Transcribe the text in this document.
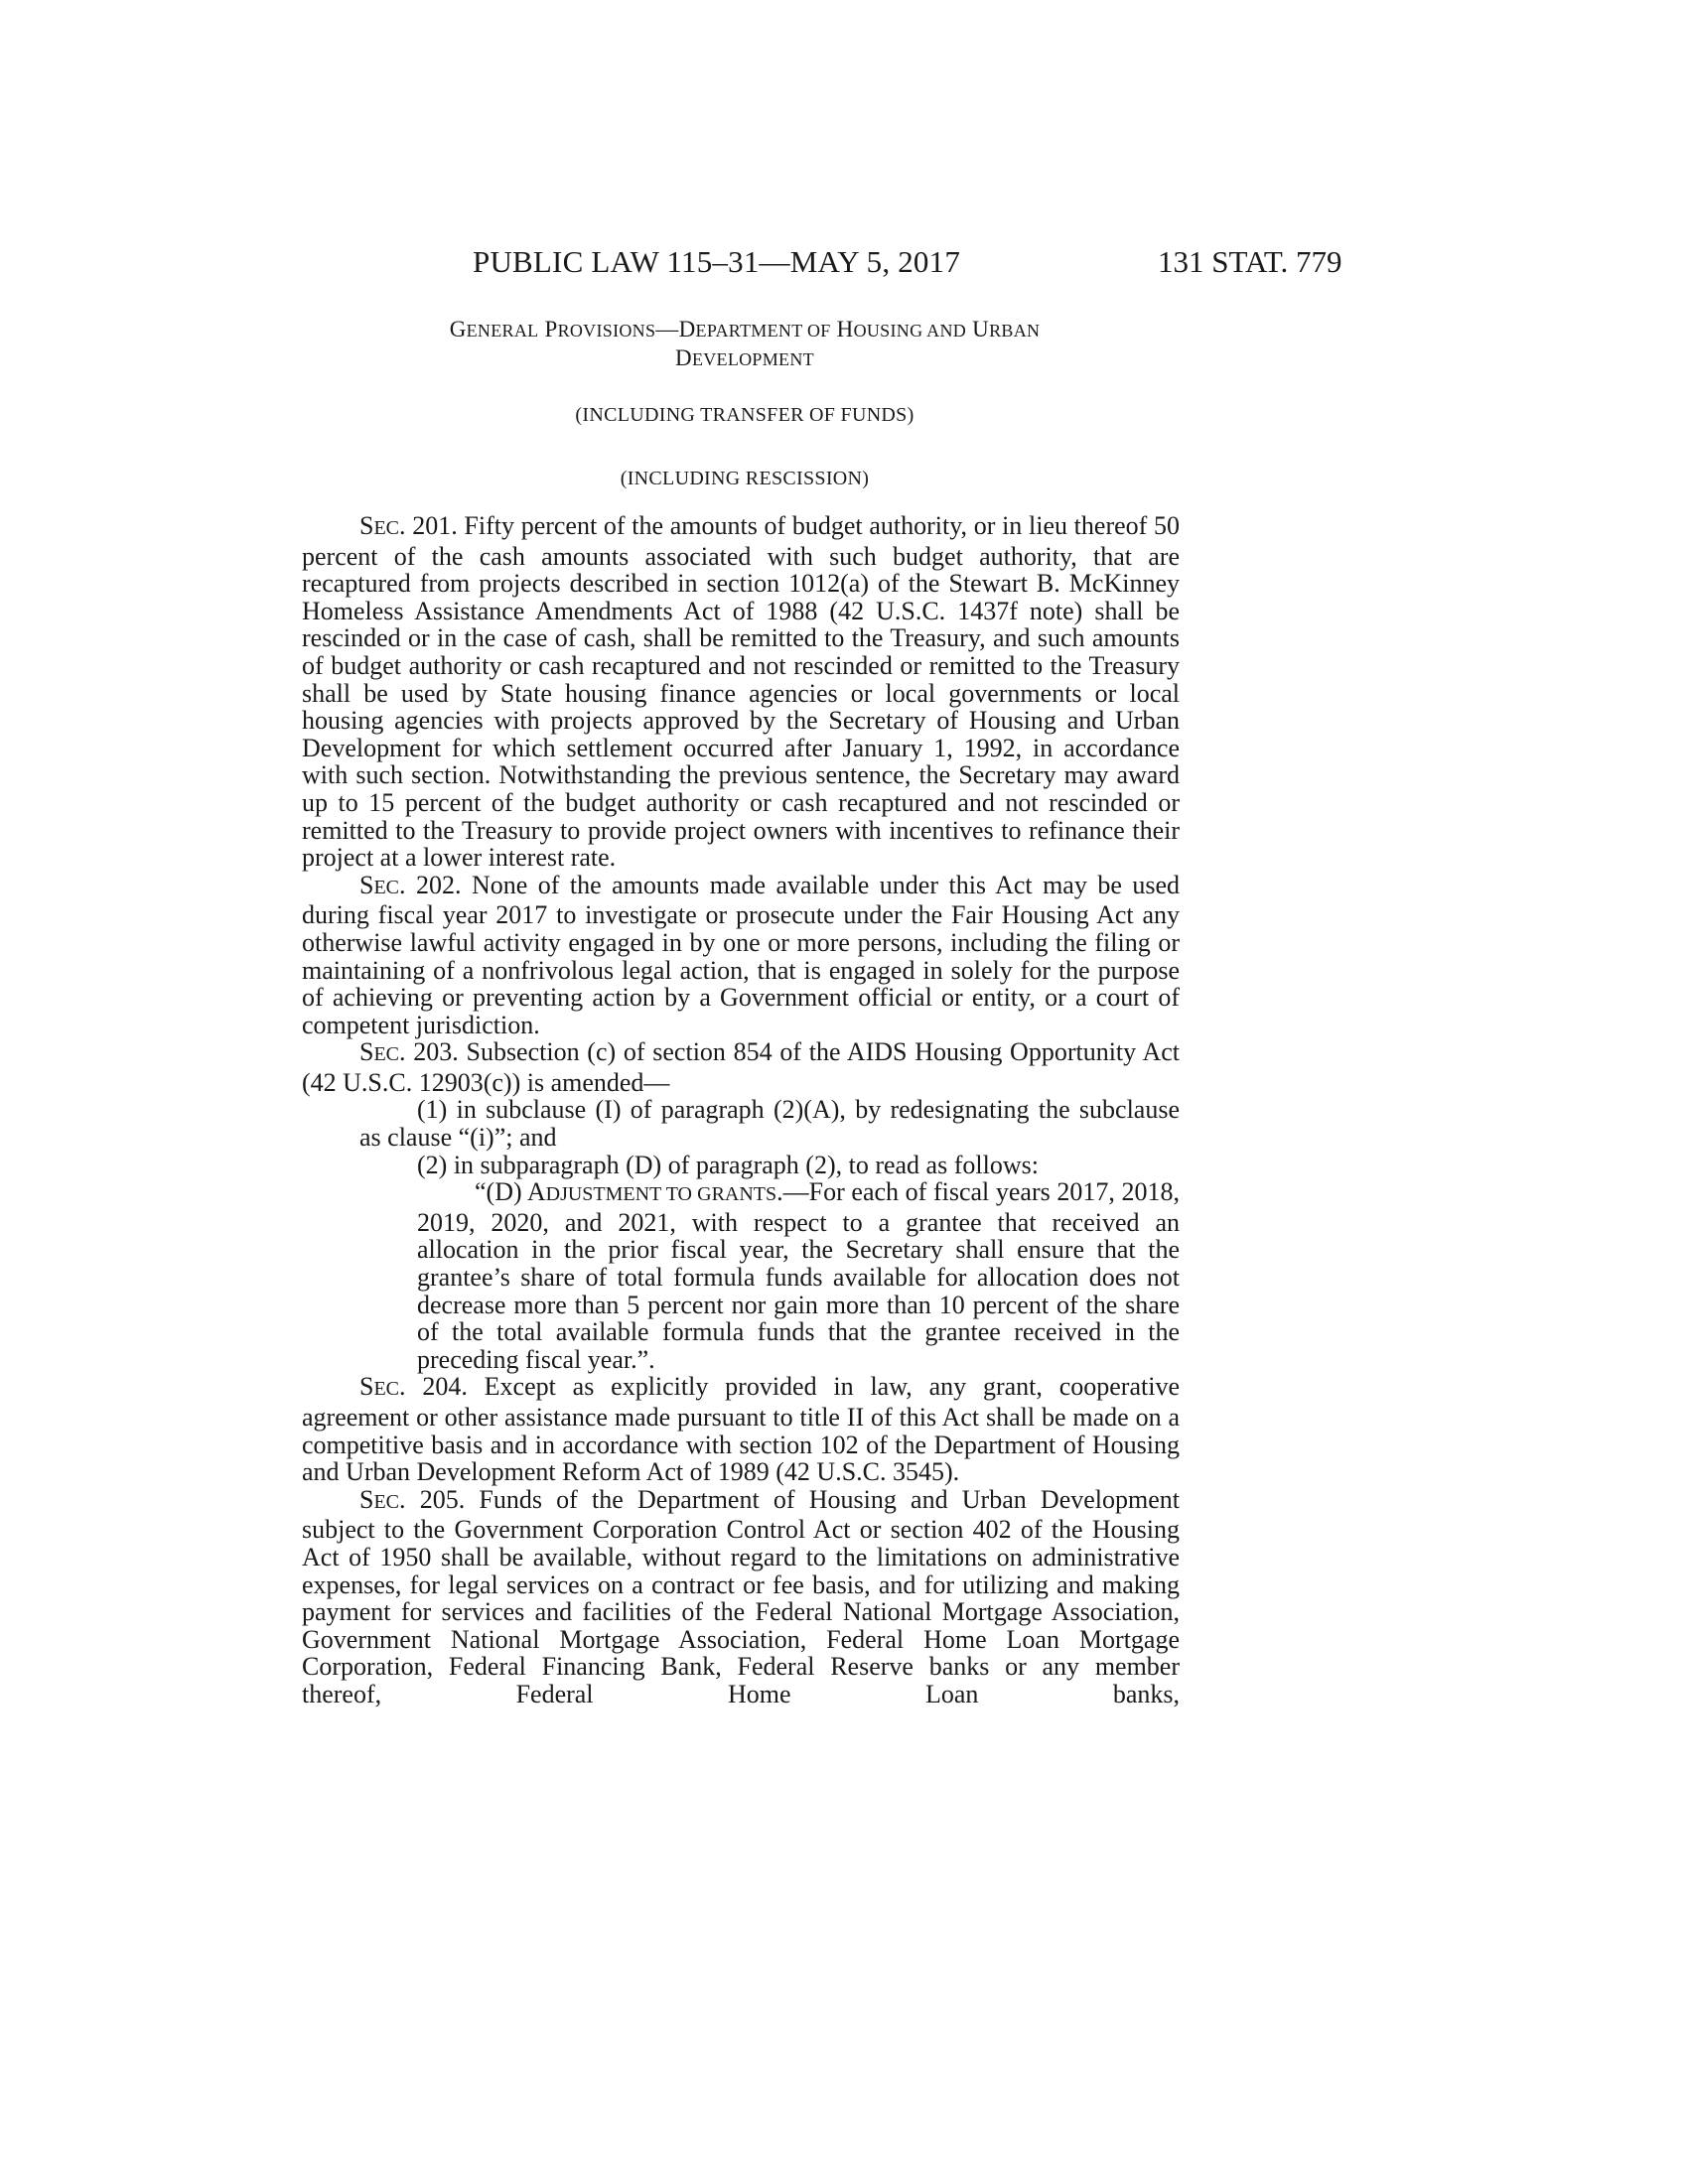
PUBLIC LAW 115–31—MAY 5, 2017	131 STAT. 779
GENERAL PROVISIONS—DEPARTMENT OF HOUSING AND URBAN
DEVELOPMENT
(INCLUDING TRANSFER OF FUNDS)
(INCLUDING RESCISSION)

SEC. 201. Fifty percent of the amounts of budget authority, or in lieu thereof 50 percent of the cash amounts associated with such budget authority, that are recaptured from projects described in section 1012(a) of the Stewart B. McKinney Homeless Assistance Amendments Act of 1988 (42 U.S.C. 1437f note) shall be rescinded or in the case of cash, shall be remitted to the Treasury, and such amounts of budget authority or cash recaptured and not rescinded or remitted to the Treasury shall be used by State housing finance agencies or local governments or local housing agencies with projects approved by the Secretary of Housing and Urban Development for which settlement occurred after January 1, 1992, in accordance with such section. Notwithstanding the previous sentence, the Secretary may award up to 15 percent of the budget authority or cash recaptured and not rescinded or remitted to the Treasury to provide project owners with incentives to refinance their project at a lower interest rate.

SEC. 202. None of the amounts made available under this Act may be used during fiscal year 2017 to investigate or prosecute under the Fair Housing Act any otherwise lawful activity engaged in by one or more persons, including the filing or maintaining of a nonfrivolous legal action, that is engaged in solely for the purpose of achieving or preventing action by a Government official or entity, or a court of competent jurisdiction.

SEC. 203. Subsection (c) of section 854 of the AIDS Housing Opportunity Act (42 U.S.C. 12903(c)) is amended—

(1) in subclause (I) of paragraph (2)(A), by redesignating the subclause as clause “(i)”; and

(2) in subparagraph (D) of paragraph (2), to read as follows:

“(D) ADJUSTMENT TO GRANTS.—For each of fiscal years 2017, 2018, 2019, 2020, and 2021, with respect to a grantee that received an allocation in the prior fiscal year, the Secretary shall ensure that the grantee’s share of total formula funds available for allocation does not decrease more than 5 percent nor gain more than 10 percent of the share of the total available formula funds that the grantee received in the preceding fiscal year.”.

SEC. 204. Except as explicitly provided in law, any grant, cooperative agreement or other assistance made pursuant to title II of this Act shall be made on a competitive basis and in accordance with section 102 of the Department of Housing and Urban Development Reform Act of 1989 (42 U.S.C. 3545).

SEC. 205. Funds of the Department of Housing and Urban Development subject to the Government Corporation Control Act or section 402 of the Housing Act of 1950 shall be available, without regard to the limitations on administrative expenses, for legal services on a contract or fee basis, and for utilizing and making payment for services and facilities of the Federal National Mortgage Association, Government National Mortgage Association, Federal Home Loan Mortgage Corporation, Federal Financing Bank, Federal Reserve banks or any member thereof, Federal Home Loan banks,
